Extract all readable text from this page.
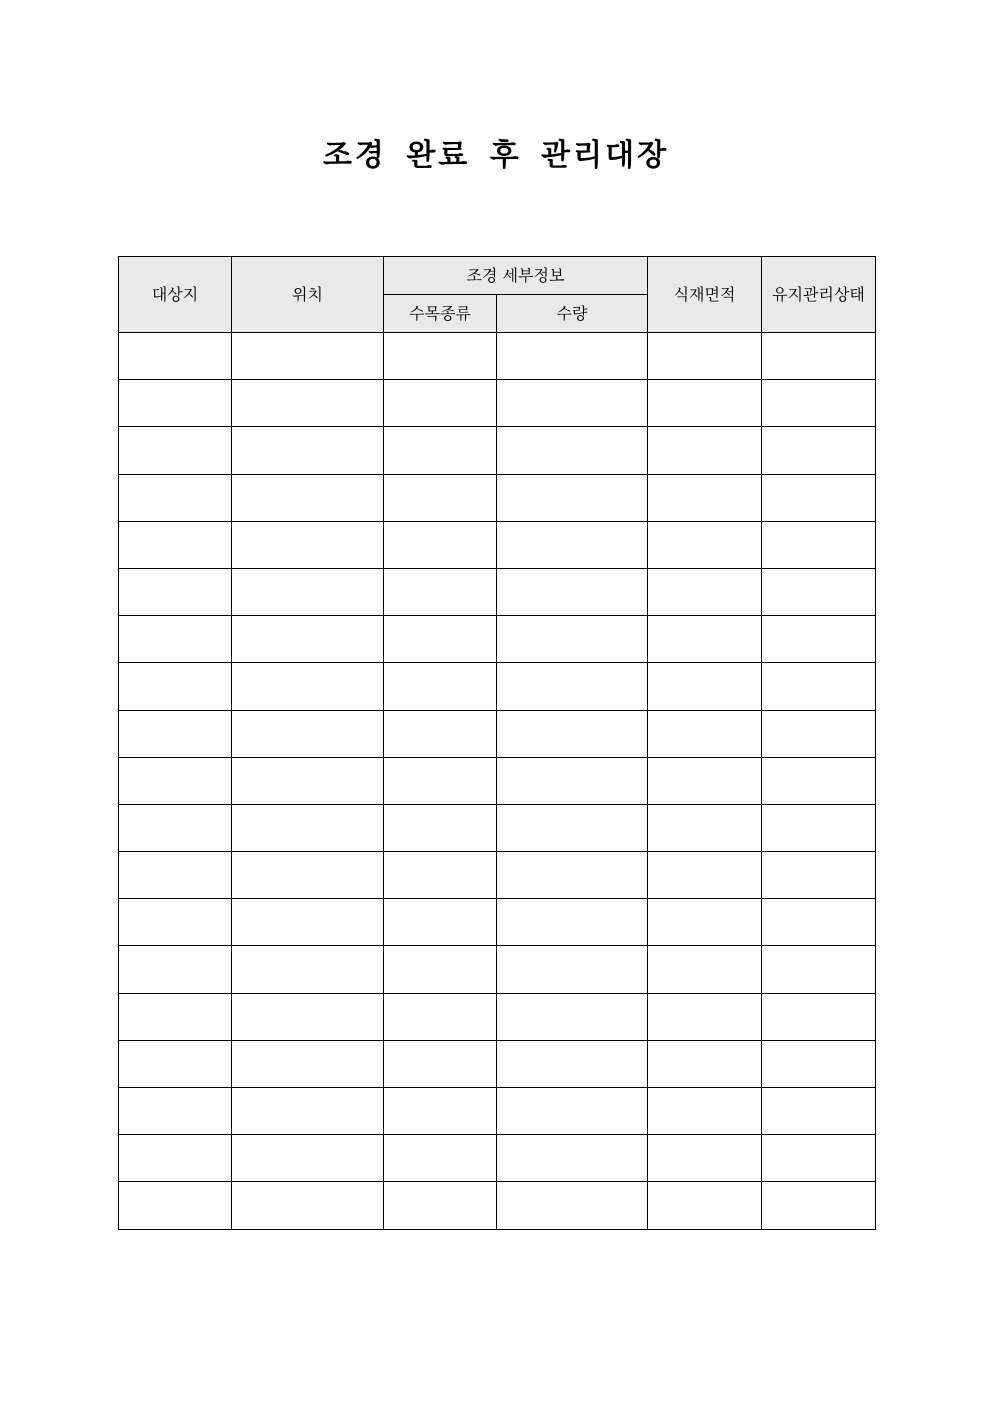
조경 완료 후 관리대장
대상지	위치	조경 세부정보		식재면적	유지관리상태
		수목종류	수량		
